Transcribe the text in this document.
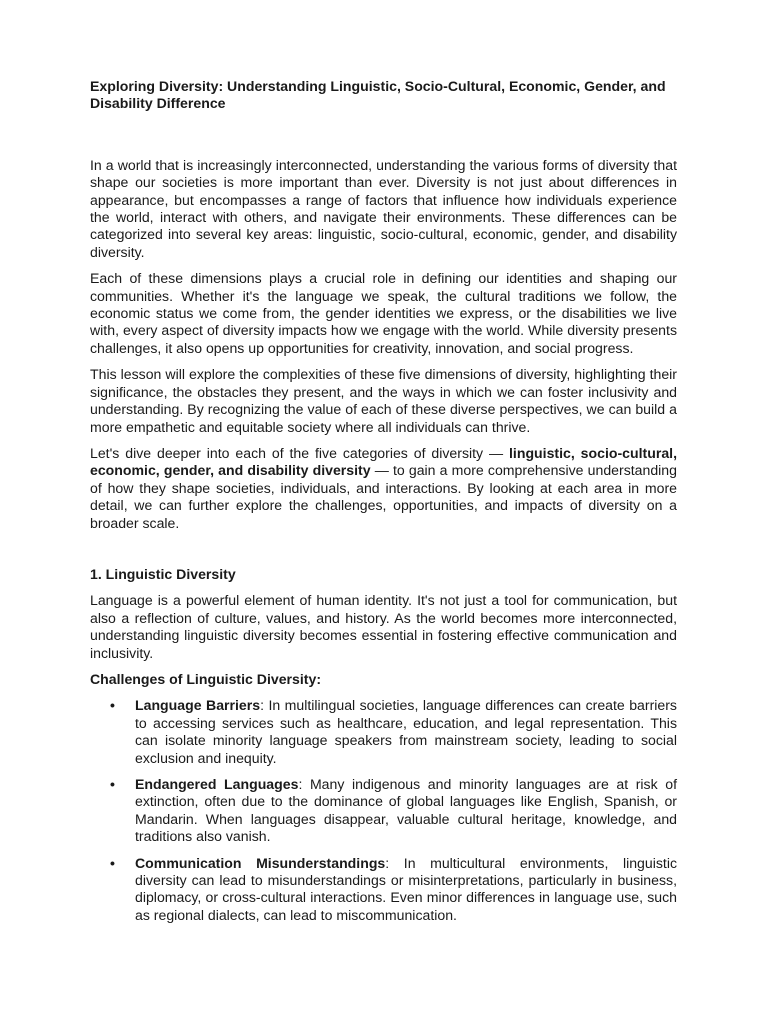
Exploring Diversity: Understanding Linguistic, Socio-Cultural, Economic, Gender, and Disability Difference

In a world that is increasingly interconnected, understanding the various forms of diversity that shape our societies is more important than ever. Diversity is not just about differences in appearance, but encompasses a range of factors that influence how individuals experience the world, interact with others, and navigate their environments. These differences can be categorized into several key areas: linguistic, socio-cultural, economic, gender, and disability diversity.

Each of these dimensions plays a crucial role in defining our identities and shaping our communities. Whether it's the language we speak, the cultural traditions we follow, the economic status we come from, the gender identities we express, or the disabilities we live with, every aspect of diversity impacts how we engage with the world. While diversity presents challenges, it also opens up opportunities for creativity, innovation, and social progress.

This lesson will explore the complexities of these five dimensions of diversity, highlighting their significance, the obstacles they present, and the ways in which we can foster inclusivity and understanding. By recognizing the value of each of these diverse perspectives, we can build a more empathetic and equitable society where all individuals can thrive.

Let's dive deeper into each of the five categories of diversity — linguistic, socio-cultural, economic, gender, and disability diversity — to gain a more comprehensive understanding of how they shape societies, individuals, and interactions. By looking at each area in more detail, we can further explore the challenges, opportunities, and impacts of diversity on a broader scale.

1. Linguistic Diversity

Language is a powerful element of human identity. It's not just a tool for communication, but also a reflection of culture, values, and history. As the world becomes more interconnected, understanding linguistic diversity becomes essential in fostering effective communication and inclusivity.

Challenges of Linguistic Diversity:
• Language Barriers: In multilingual societies, language differences can create barriers to accessing services such as healthcare, education, and legal representation. This can isolate minority language speakers from mainstream society, leading to social exclusion and inequity.
• Endangered Languages: Many indigenous and minority languages are at risk of extinction, often due to the dominance of global languages like English, Spanish, or Mandarin. When languages disappear, valuable cultural heritage, knowledge, and traditions also vanish.
• Communication Misunderstandings: In multicultural environments, linguistic diversity can lead to misunderstandings or misinterpretations, particularly in business, diplomacy, or cross-cultural interactions. Even minor differences in language use, such as regional dialects, can lead to miscommunication.
